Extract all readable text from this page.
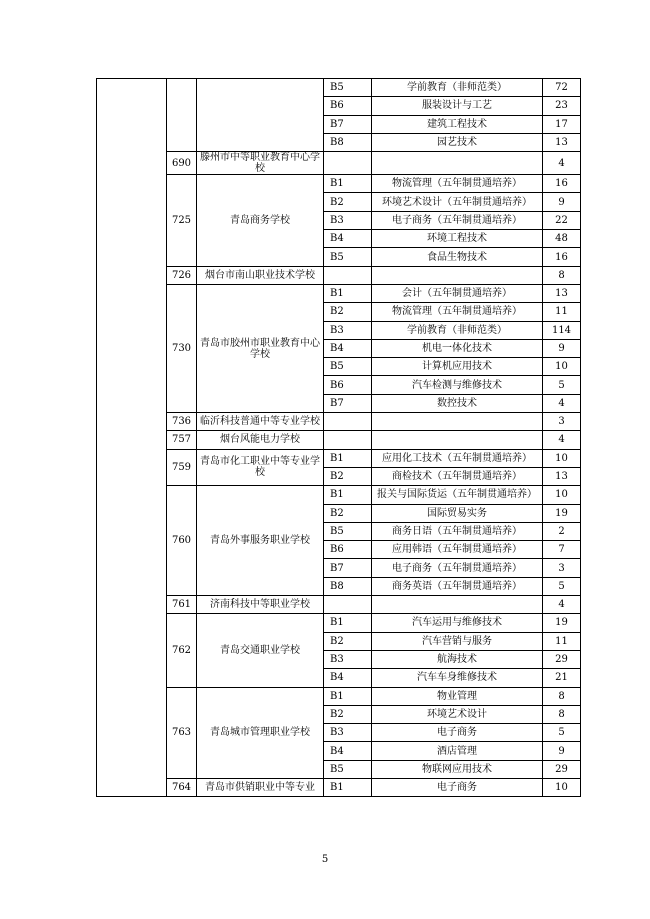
			B5	学前教育（非师范类）	72
			B6	服装设计与工艺	23
			B7	建筑工程技术	17
			B8	园艺技术	13
	690	滕州市中等职业教育中心学校			4
	725	青岛商务学校	B1	物流管理（五年制贯通培养）	16
			B2	环境艺术设计（五年制贯通培养）	9
			B3	电子商务（五年制贯通培养）	22
			B4	环境工程技术	48
			B5	食品生物技术	16
	726	烟台市南山职业技术学校			8
	730	青岛市胶州市职业教育中心学校	B1	会计（五年制贯通培养）	13
			B2	物流管理（五年制贯通培养）	11
			B3	学前教育（非师范类）	114
			B4	机电一体化技术	9
			B5	计算机应用技术	10
			B6	汽车检测与维修技术	5
			B7	数控技术	4
	736	临沂科技普通中等专业学校			3
	757	烟台风能电力学校			4
	759	青岛市化工职业中等专业学校	B1	应用化工技术（五年制贯通培养）	10
			B2	商检技术（五年制贯通培养）	13
	760	青岛外事服务职业学校	B1	报关与国际货运（五年制贯通培养）	10
			B2	国际贸易实务	19
			B5	商务日语（五年制贯通培养）	2
			B6	应用韩语（五年制贯通培养）	7
			B7	电子商务（五年制贯通培养）	3
			B8	商务英语（五年制贯通培养）	5
	761	济南科技中等职业学校			4
	762	青岛交通职业学校	B1	汽车运用与维修技术	19
			B2	汽车营销与服务	11
			B3	航海技术	29
			B4	汽车车身维修技术	21
	763	青岛城市管理职业学校	B1	物业管理	8
			B2	环境艺术设计	8
			B3	电子商务	5
			B4	酒店管理	9
			B5	物联网应用技术	29
	764	青岛市供销职业中等专业	B1	电子商务	10
5
